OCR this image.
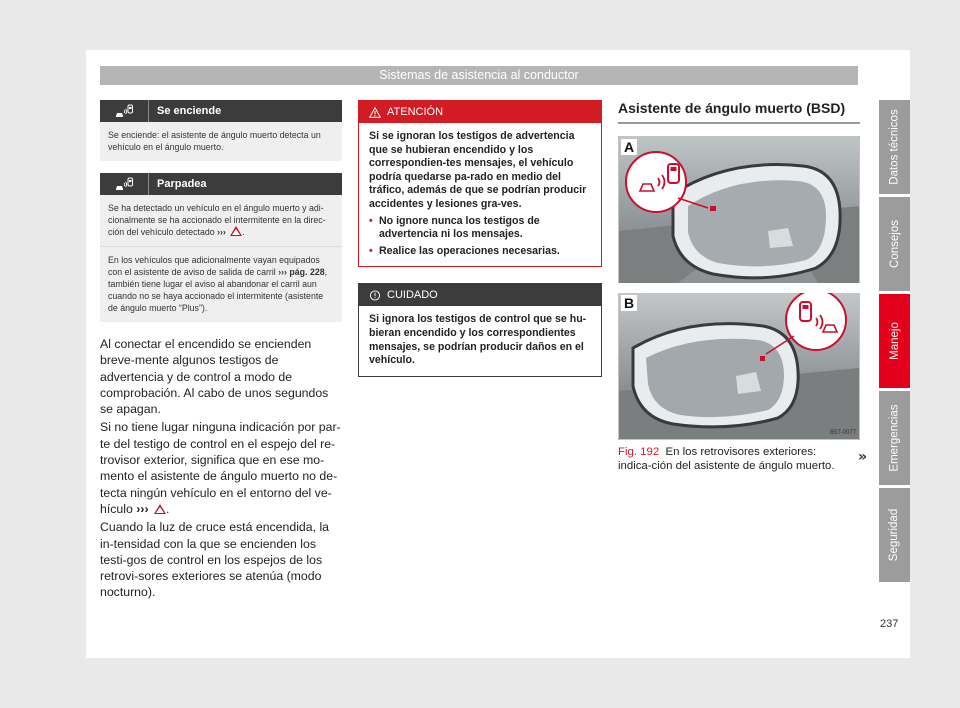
Sistemas de asistencia al conductor
Se enciende
Se enciende: el asistente de ángulo muerto detecta un vehículo en el ángulo muerto.
Parpadea
Se ha detectado un vehículo en el ángulo muerto y adi-cionalmente se ha accionado el intermitente en la direc-ción del vehículo detectado ››› .
En los vehículos que adicionalmente vayan equipados con el asistente de aviso de salida de carril ››› pág. 228, también tiene lugar el aviso al abandonar el carril aun cuando no se haya accionado el intermitente (asistente de ángulo muerto “Plus”).

Al conectar el encendido se encienden breve-mente algunos testigos de advertencia y de control a modo de comprobación. Al cabo de unos segundos se apagan.

Si no tiene lugar ninguna indicación por par-te del testigo de control en el espejo del re-trovisor exterior, significa que en ese mo-mento el asistente de ángulo muerto no de-tecta ningún vehículo en el entorno del ve-hículo ››› .

Cuando la luz de cruce está encendida, la in-tensidad con la que se encienden los testi-gos de control en los espejos de los retrovi-sores exteriores se atenúa (modo nocturno).

ATENCIÓN
Si se ignoran los testigos de advertencia que se hubieran encendido y los correspondien-tes mensajes, el vehículo podría quedarse pa-rado en medio del tráfico, además de que se podrían producir accidentes y lesiones gra-ves.
• No ignore nunca los testigos de advertencia ni los mensajes.
• Realice las operaciones necesarias.
CUIDADO
Si ignora los testigos de control que se hu-bieran encendido y los correspondientes mensajes, se podrían producir daños en el vehículo.
Asistente de ángulo muerto (BSD)
A
B
B5T-0077
Fig. 192 En los retrovisores exteriores: indica-ción del asistente de ángulo muerto.
»
Datos técnicos
Consejos
Manejo
Emergencias
Seguridad
237
